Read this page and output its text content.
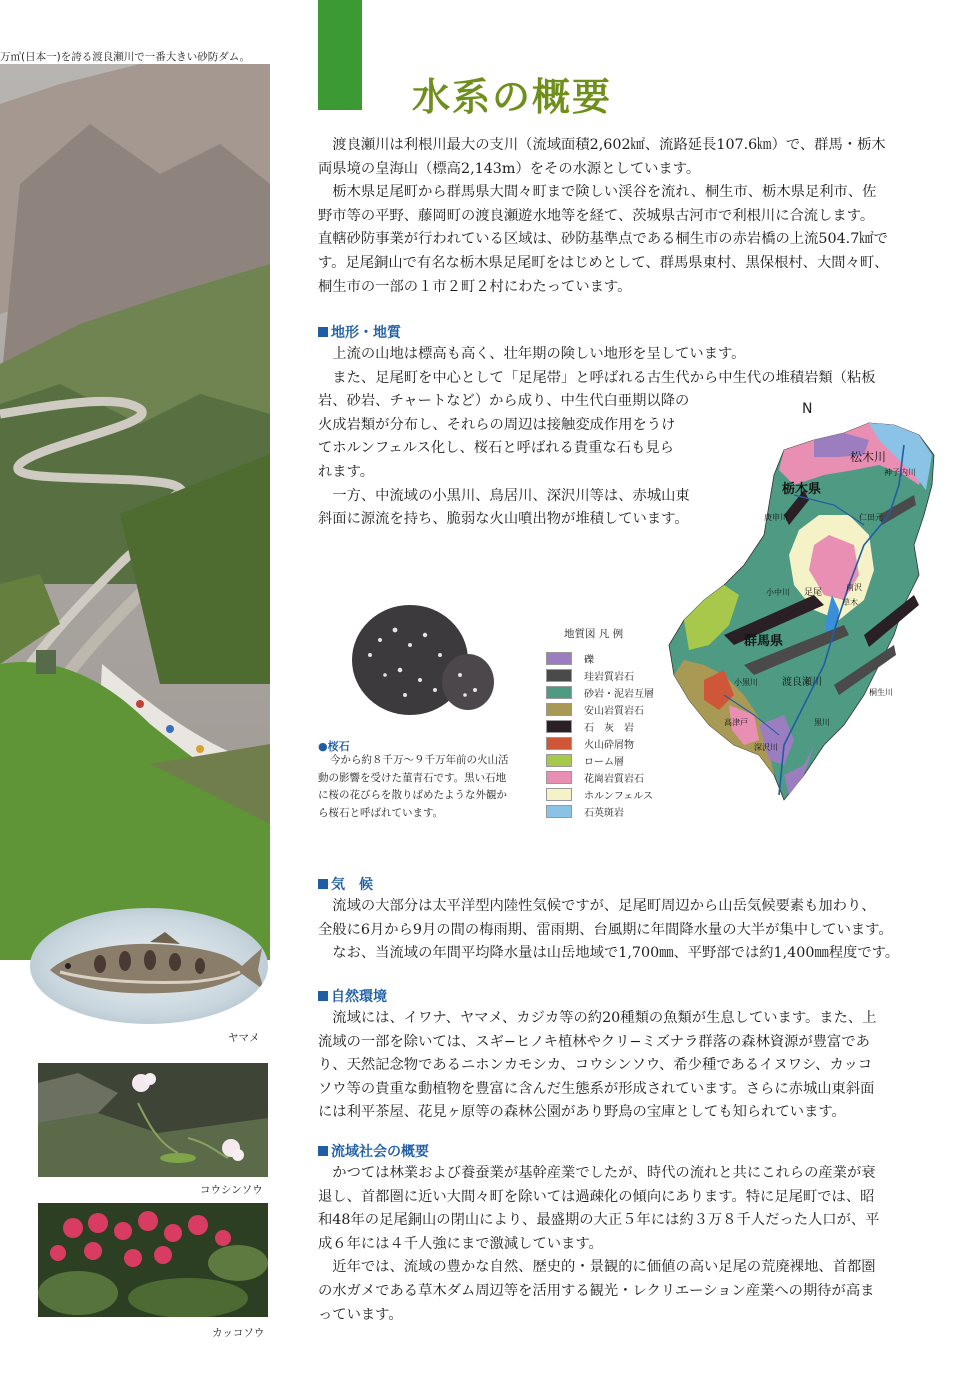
万㎥(日本一)を誇る渡良瀬川で一番大きい砂防ダム。
水系の概要
渡良瀬川は利根川最大の支川（流域面積2,602㎢、流路延長107.6㎞）で、群馬・栃木
両県境の皇海山（標高2,143m）をその水源としています。
栃木県足尾町から群馬県大間々町まで険しい渓谷を流れ、桐生市、栃木県足利市、佐
野市等の平野、藤岡町の渡良瀬遊水地等を経て、茨城県古河市で利根川に合流します。
直轄砂防事業が行われている区域は、砂防基準点である桐生市の赤岩橋の上流504.7㎢で
す。足尾銅山で有名な栃木県足尾町をはじめとして、群馬県東村、黒保根村、大間々町、
桐生市の一部の１市２町２村にわたっています。
地形・地質
上流の山地は標高も高く、壮年期の険しい地形を呈しています。
また、足尾町を中心として「足尾帯」と呼ばれる古生代から中生代の堆積岩類（粘板
岩、砂岩、チャートなど）から成り、中生代白亜期以降の
火成岩類が分布し、それらの周辺は接触変成作用をうけ
てホルンフェルス化し、桜石と呼ばれる貴重な石も見ら
れます。
一方、中流域の小黒川、鳥居川、深沢川等は、赤城山東
斜面に源流を持ち、脆弱な火山噴出物が堆積しています。
N
栃木県
群馬県
松木川
足尾
渡良瀬川
神子内川
仁田元
庚申川
小中川
南沢
黒川
高津戸
小黒川
深沢川
桐生川
草木
●桜石
今から約８千万〜９千万年前の火山活
動の影響を受けた菫青石です。黒い石地
に桜の花びらを散りばめたような外観か
ら桜石と呼ばれています。
地質図 凡 例
礫
珪岩質岩石
砂岩・泥岩互層
安山岩質岩石
石　灰　岩
火山砕屑物
ローム層
花崗岩質岩石
ホルンフェルス
石英斑岩
気　候
流域の大部分は太平洋型内陸性気候ですが、足尾町周辺から山岳気候要素も加わり、
全般に6月から9月の間の梅雨期、雷雨期、台風期に年間降水量の大半が集中しています。
なお、当流域の年間平均降水量は山岳地域で1,700㎜、平野部では約1,400㎜程度です。
ヤマメ
コウシンソウ
カッコソウ
自然環境
流域には、イワナ、ヤマメ、カジカ等の約20種類の魚類が生息しています。また、上
流域の一部を除いては、スギ−ヒノキ植林やクリ−ミズナラ群落の森林資源が豊富であ
り、天然記念物であるニホンカモシカ、コウシンソウ、希少種であるイヌワシ、カッコ
ソウ等の貴重な動植物を豊富に含んだ生態系が形成されています。さらに赤城山東斜面
には利平茶屋、花見ヶ原等の森林公園があり野鳥の宝庫としても知られています。
流域社会の概要
かつては林業および養蚕業が基幹産業でしたが、時代の流れと共にこれらの産業が衰
退し、首都圏に近い大間々町を除いては過疎化の傾向にあります。特に足尾町では、昭
和48年の足尾銅山の閉山により、最盛期の大正５年には約３万８千人だった人口が、平
成６年には４千人強にまで激減しています。
近年では、流域の豊かな自然、歴史的・景観的に価値の高い足尾の荒廃裸地、首都圏
の水ガメである草木ダム周辺等を活用する観光・レクリエーション産業への期待が高ま
っています。
